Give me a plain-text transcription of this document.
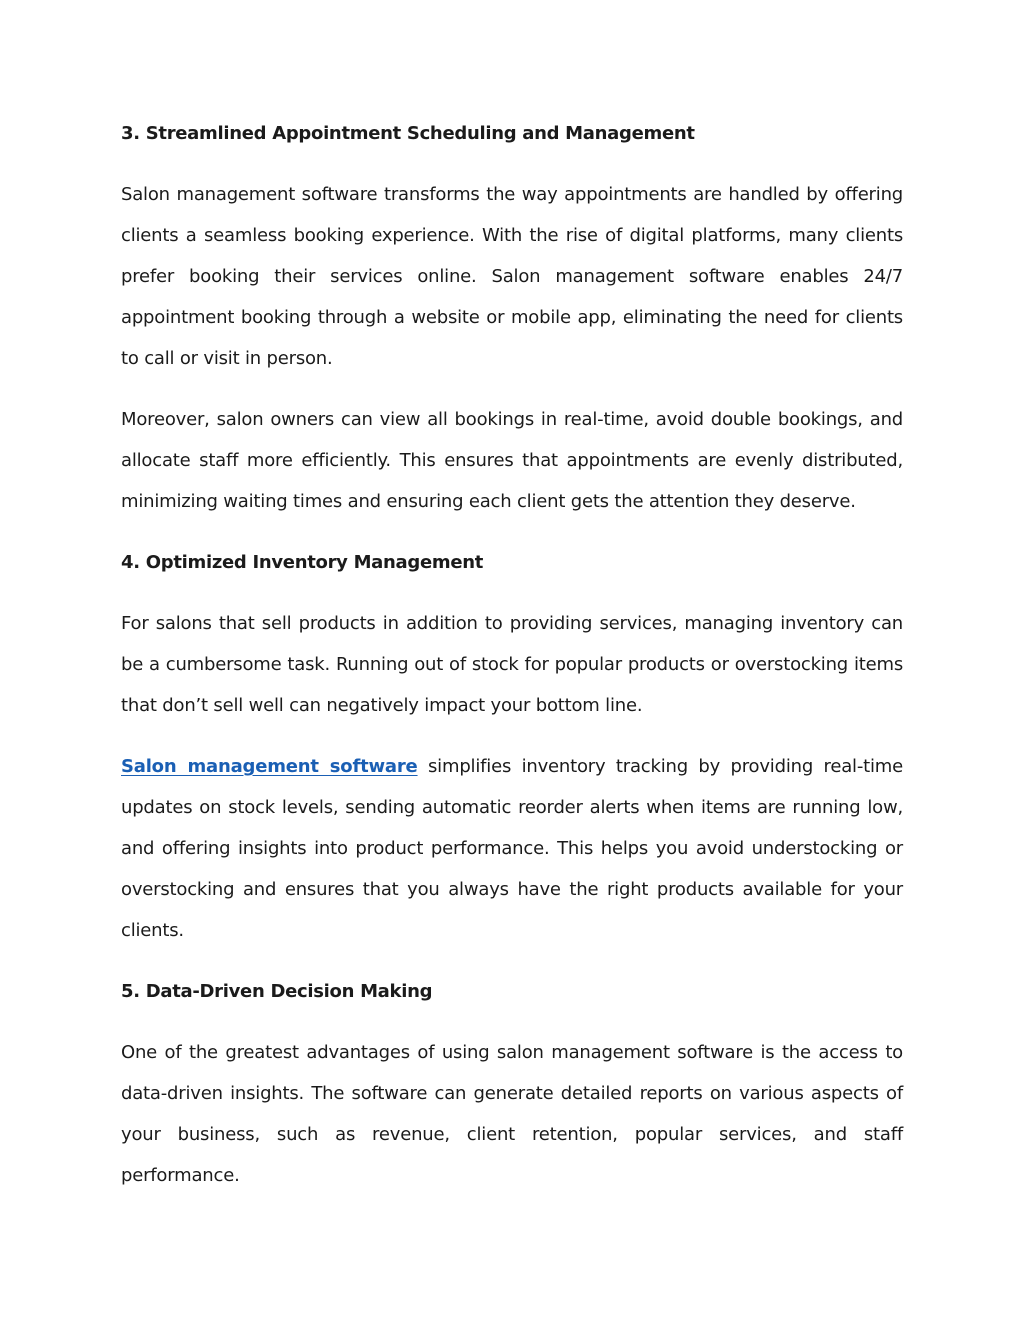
3. Streamlined Appointment Scheduling and Management

Salon management software transforms the way appointments are handled by offering clients a seamless booking experience. With the rise of digital platforms, many clients prefer booking their services online. Salon management software enables 24/7 appointment booking through a website or mobile app, eliminating the need for clients to call or visit in person.

Moreover, salon owners can view all bookings in real-time, avoid double bookings, and allocate staff more efficiently. This ensures that appointments are evenly distributed, minimizing waiting times and ensuring each client gets the attention they deserve.

4. Optimized Inventory Management

For salons that sell products in addition to providing services, managing inventory can be a cumbersome task. Running out of stock for popular products or overstocking items that don’t sell well can negatively impact your bottom line.

Salon management software simplifies inventory tracking by providing real-time updates on stock levels, sending automatic reorder alerts when items are running low, and offering insights into product performance. This helps you avoid understocking or overstocking and ensures that you always have the right products available for your clients.

5. Data-Driven Decision Making

One of the greatest advantages of using salon management software is the access to data-driven insights. The software can generate detailed reports on various aspects of your business, such as revenue, client retention, popular services, and staff performance.
